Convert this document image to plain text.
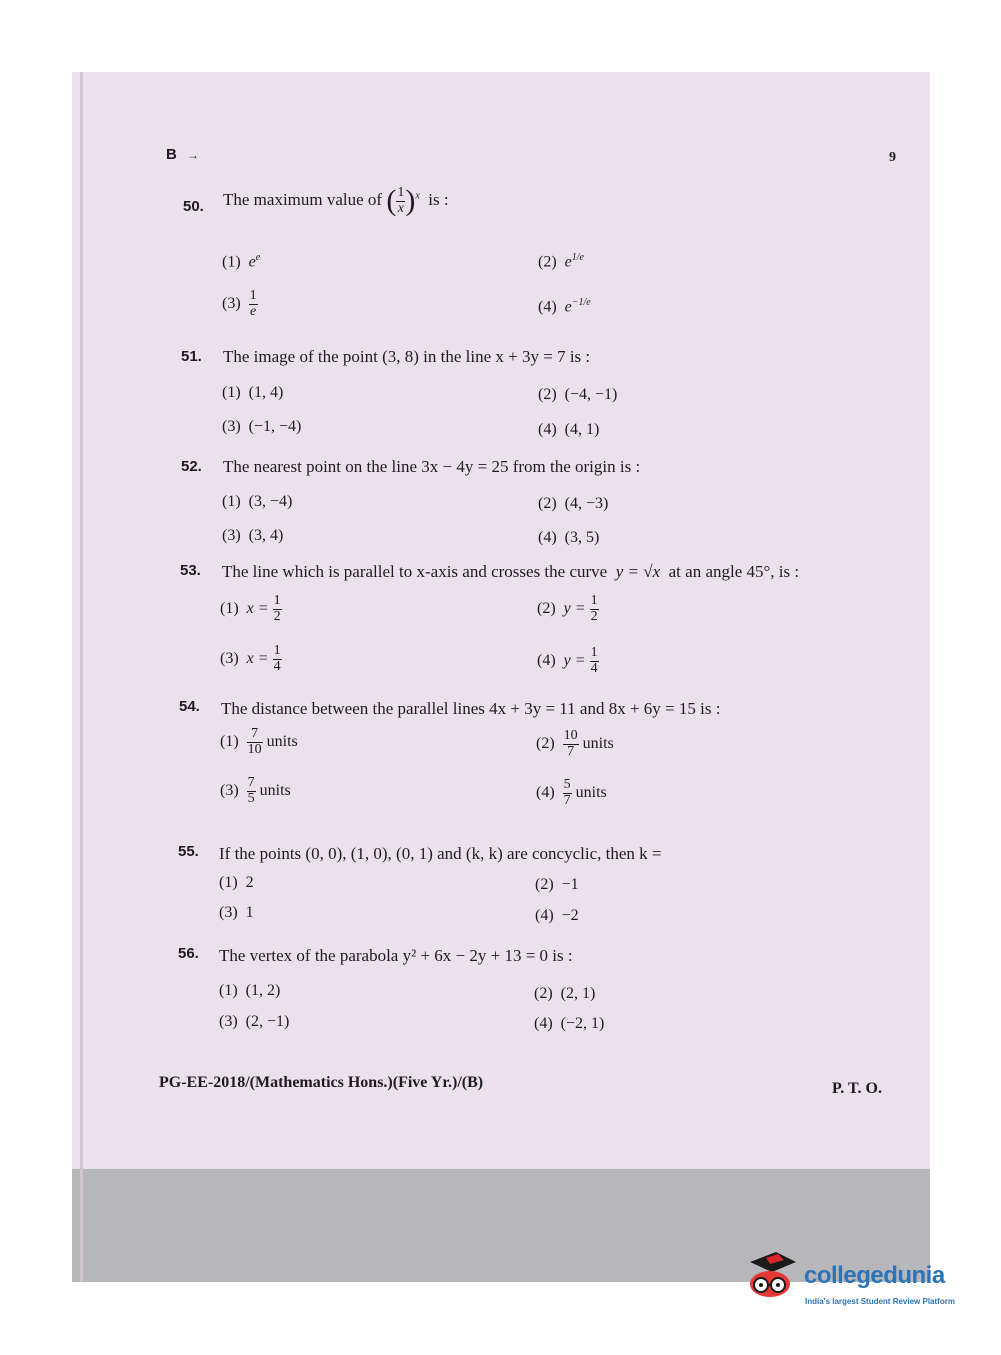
B →	9
50. The maximum value of ( $\frac{1}{x} )^x$ is :
(1) $e^e$	(2) $e^{1/e}$
$(3) \frac{1}{e}$	(4) $e^{-1/e}$
51. The image of the point (3, 8) in the line x + 3y = 7 is :
(1) (1, 4)	(2) (−4, −1)
(3) (−1, −4)	(4) (4, 1)
52. The nearest point on the line 3x − 4y = 25 from the origin is :
(1) (3, −4)	(2) (4, −3)
(3) (3, 4)	(4) (3, 5)
53. The line which is parallel to x-axis and crosses the curve y = √x at an angle 45°, is :
(1) $x = \frac{1}{2}$	(2) $y = \frac{1}{2}$
(3) $x = \frac{1}{4}$	(4) $y = \frac{1}{4}$
54. The distance between the parallel lines 4x + 3y = 11 and 8x + 6y = 15 is :
$(1) \frac{7}{10}$ units	$(2) \frac{10}{7}$ units
$(3) \frac{7}{5}$ units	$(4) \frac{5}{7}$ units
55. If the points (0, 0), (1, 0), (0, 1) and (k, k) are concyclic, then k =
(1) 2	(2) −1
(3) 1	(4) −2
56. The vertex of the parabola y² + 6x − 2y + 13 = 0 is :
(1) (1, 2)	(2) (2, 1)
(3) (2, −1)	(4) (−2, 1)
PG-EE-2018/(Mathematics Hons.)(Five Yr.)/(B)	P. T. O.
collegedunia
India's largest Student Review Platform
